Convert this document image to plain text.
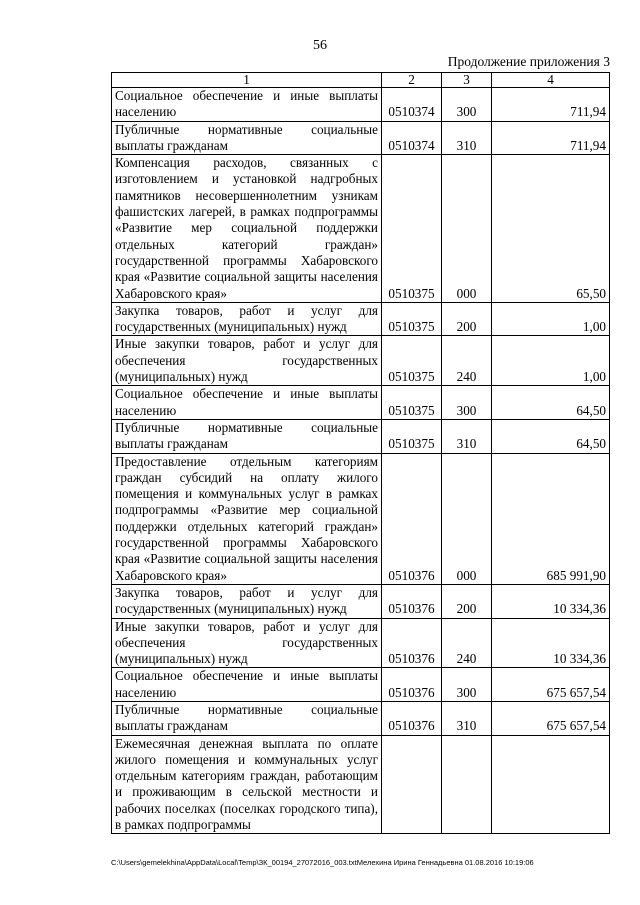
56
Продолжение приложения 3
1	2	3	4
Социальное обеспечение и иные выплаты населению	0510374	300	711,94
Публичные нормативные социальные выплаты гражданам	0510374	310	711,94
Компенсация расходов, связанных с изготовлением и установкой надгробных памятников несовершеннолетним узникам фашистских лагерей, в рамках подпрограммы «Развитие мер социальной поддержки отдельных категорий граждан» государственной программы Хабаровского края «Развитие социальной защиты населения Хабаровского края»	0510375	000	65,50
Закупка товаров, работ и услуг для государственных (муниципальных) нужд	0510375	200	1,00
Иные закупки товаров, работ и услуг для обеспечения государственных (муниципальных) нужд	0510375	240	1,00
Социальное обеспечение и иные выплаты населению	0510375	300	64,50
Публичные нормативные социальные выплаты гражданам	0510375	310	64,50
Предоставление отдельным категориям граждан субсидий на оплату жилого помещения и коммунальных услуг в рамках подпрограммы «Развитие мер социальной поддержки отдельных категорий граждан» государственной программы Хабаровского края «Развитие социальной защиты населения Хабаровского края»	0510376	000	685 991,90
Закупка товаров, работ и услуг для государственных (муниципальных) нужд	0510376	200	10 334,36
Иные закупки товаров, работ и услуг для обеспечения государственных (муниципальных) нужд	0510376	240	10 334,36
Социальное обеспечение и иные выплаты населению	0510376	300	675 657,54
Публичные нормативные социальные выплаты гражданам	0510376	310	675 657,54
Ежемесячная денежная выплата по оплате жилого помещения и коммунальных услуг отдельным категориям граждан, работающим и проживающим в сельской местности и рабочих поселках (поселках городского типа), в рамках подпрограммы			
C:\Users\gemelekhina\AppData\Local\Temp\ЗК_00194_27072016_003.txtМелехина Ирина Геннадьевна 01.08.2016 10:19:06
